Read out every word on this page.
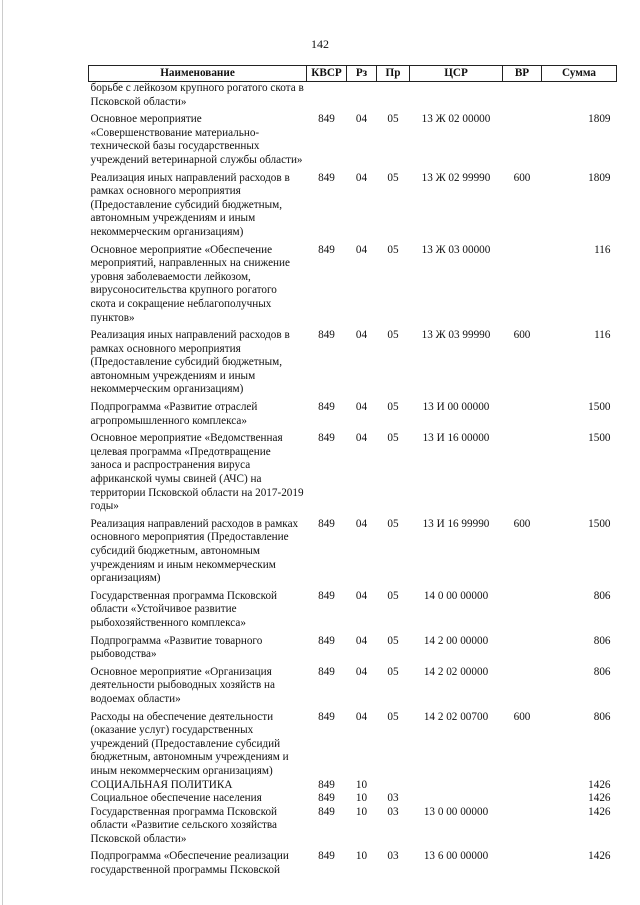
142
Наименование	КВСР	Рз	Пр	ЦСР	ВР	Сумма
борьбе с лейкозом крупного рогатого скота в Псковской области»						
Основное мероприятие «Совершенствование материально-технической базы государственных учреждений ветеринарной службы области»	849	04	05	13 Ж 02 00000		1809
Реализация иных направлений расходов в рамках основного мероприятия (Предоставление субсидий бюджетным, автономным учреждениям и иным некоммерческим организациям)	849	04	05	13 Ж 02 99990	600	1809
Основное мероприятие «Обеспечение мероприятий, направленных на снижение уровня заболеваемости лейкозом, вирусоносительства крупного рогатого скота и сокращение неблагополучных пунктов»	849	04	05	13 Ж 03 00000		116
Реализация иных направлений расходов в рамках основного мероприятия (Предоставление субсидий бюджетным, автономным учреждениям и иным некоммерческим организациям)	849	04	05	13 Ж 03 99990	600	116
Подпрограмма «Развитие отраслей агропромышленного комплекса»	849	04	05	13 И 00 00000		1500
Основное мероприятие «Ведомственная целевая программа «Предотвращение заноса и распространения вируса африканской чумы свиней (АЧС) на территории Псковской области на 2017-2019 годы»	849	04	05	13 И 16 00000		1500
Реализация направлений расходов в рамках основного мероприятия (Предоставление субсидий бюджетным, автономным учреждениям и иным некоммерческим организациям)	849	04	05	13 И 16 99990	600	1500
Государственная программа Псковской области «Устойчивое развитие рыбохозяйственного комплекса»	849	04	05	14 0 00 00000		806
Подпрограмма «Развитие товарного рыбоводства»	849	04	05	14 2 00 00000		806
Основное мероприятие «Организация деятельности рыбоводных хозяйств на водоемах области»	849	04	05	14 2 02 00000		806
Расходы на обеспечение деятельности (оказание услуг) государственных учреждений (Предоставление субсидий бюджетным, автономным учреждениям и иным некоммерческим организациям)	849	04	05	14 2 02 00700	600	806
СОЦИАЛЬНАЯ ПОЛИТИКА	849	10				1426
Социальное обеспечение населения	849	10	03			1426
Государственная программа Псковской области «Развитие сельского хозяйства Псковской области»	849	10	03	13 0 00 00000		1426
Подпрограмма «Обеспечение реализации государственной программы Псковской	849	10	03	13 6 00 00000		1426
